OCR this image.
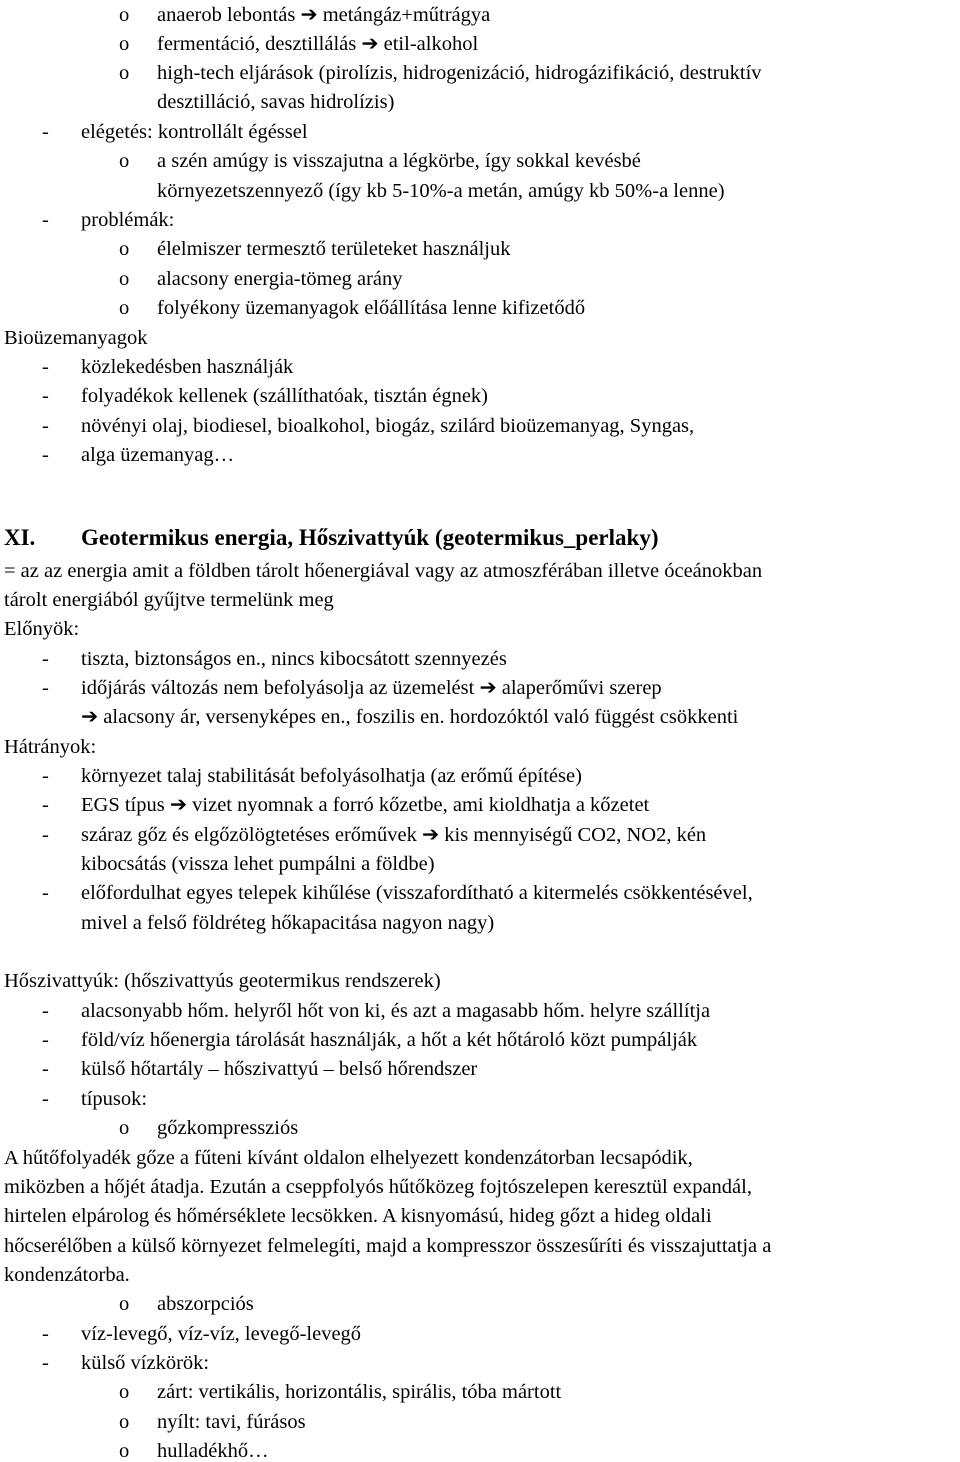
o anaerob lebontás ➔ metángáz+műtrágya
o fermentáció, desztillálás ➔ etil-alkohol
o high-tech eljárások (pirolízis, hidrogenizáció, hidrogázifikáció, destruktív
desztilláció, savas hidrolízis)
- elégetés: kontrollált égéssel
o a szén amúgy is visszajutna a légkörbe, így sokkal kevésbé
környezetszennyező (így kb 5-10%-a metán, amúgy kb 50%-a lenne)
- problémák:
o élelmiszer termesztő területeket használjuk
o alacsony energia-tömeg arány
o folyékony üzemanyagok előállítása lenne kifizetődő
Bioüzemanyagok
- közlekedésben használják
- folyadékok kellenek (szállíthatóak, tisztán égnek)
- növényi olaj, biodiesel, bioalkohol, biogáz, szilárd bioüzemanyag, Syngas,
- alga üzemanyag…
XI. Geotermikus energia, Hőszivattyúk (geotermikus_perlaky)
= az az energia amit a földben tárolt hőenergiával vagy az atmoszférában illetve óceánokban
tárolt energiából gyűjtve termelünk meg
Előnyök:
- tiszta, biztonságos en., nincs kibocsátott szennyezés
- időjárás változás nem befolyásolja az üzemelést ➔ alaperőművi szerep
➔ alacsony ár, versenyképes en., foszilis en. hordozóktól való függést csökkenti
Hátrányok:
- környezet talaj stabilitását befolyásolhatja (az erőmű építése)
- EGS típus ➔ vizet nyomnak a forró kőzetbe, ami kioldhatja a kőzetet
- száraz gőz és elgőzölögtetéses erőművek ➔ kis mennyiségű CO2, NO2, kén
kibocsátás (vissza lehet pumpálni a földbe)
- előfordulhat egyes telepek kihűlése (visszafordítható a kitermelés csökkentésével,
mivel a felső földréteg hőkapacitása nagyon nagy)
Hőszivattyúk: (hőszivattyús geotermikus rendszerek)
- alacsonyabb hőm. helyről hőt von ki, és azt a magasabb hőm. helyre szállítja
- föld/víz hőenergia tárolását használják, a hőt a két hőtároló közt pumpálják
- külső hőtartály – hőszivattyú – belső hőrendszer
- típusok:
o gőzkompressziós
A hűtőfolyadék gőze a fűteni kívánt oldalon elhelyezett kondenzátorban lecsapódik,
miközben a hőjét átadja. Ezután a cseppfolyós hűtőközeg fojtószelepen keresztül expandál,
hirtelen elpárolog és hőmérséklete lecsökken. A kisnyomású, hideg gőzt a hideg oldali
hőcserélőben a külső környezet felmelegíti, majd a kompresszor összesűríti és visszajuttatja a
kondenzátorba.
o abszorpciós
- víz-levegő, víz-víz, levegő-levegő
- külső vízkörök:
o zárt: vertikális, horizontális, spirális, tóba mártott
o nyílt: tavi, fúrásos
o hulladékhő…
